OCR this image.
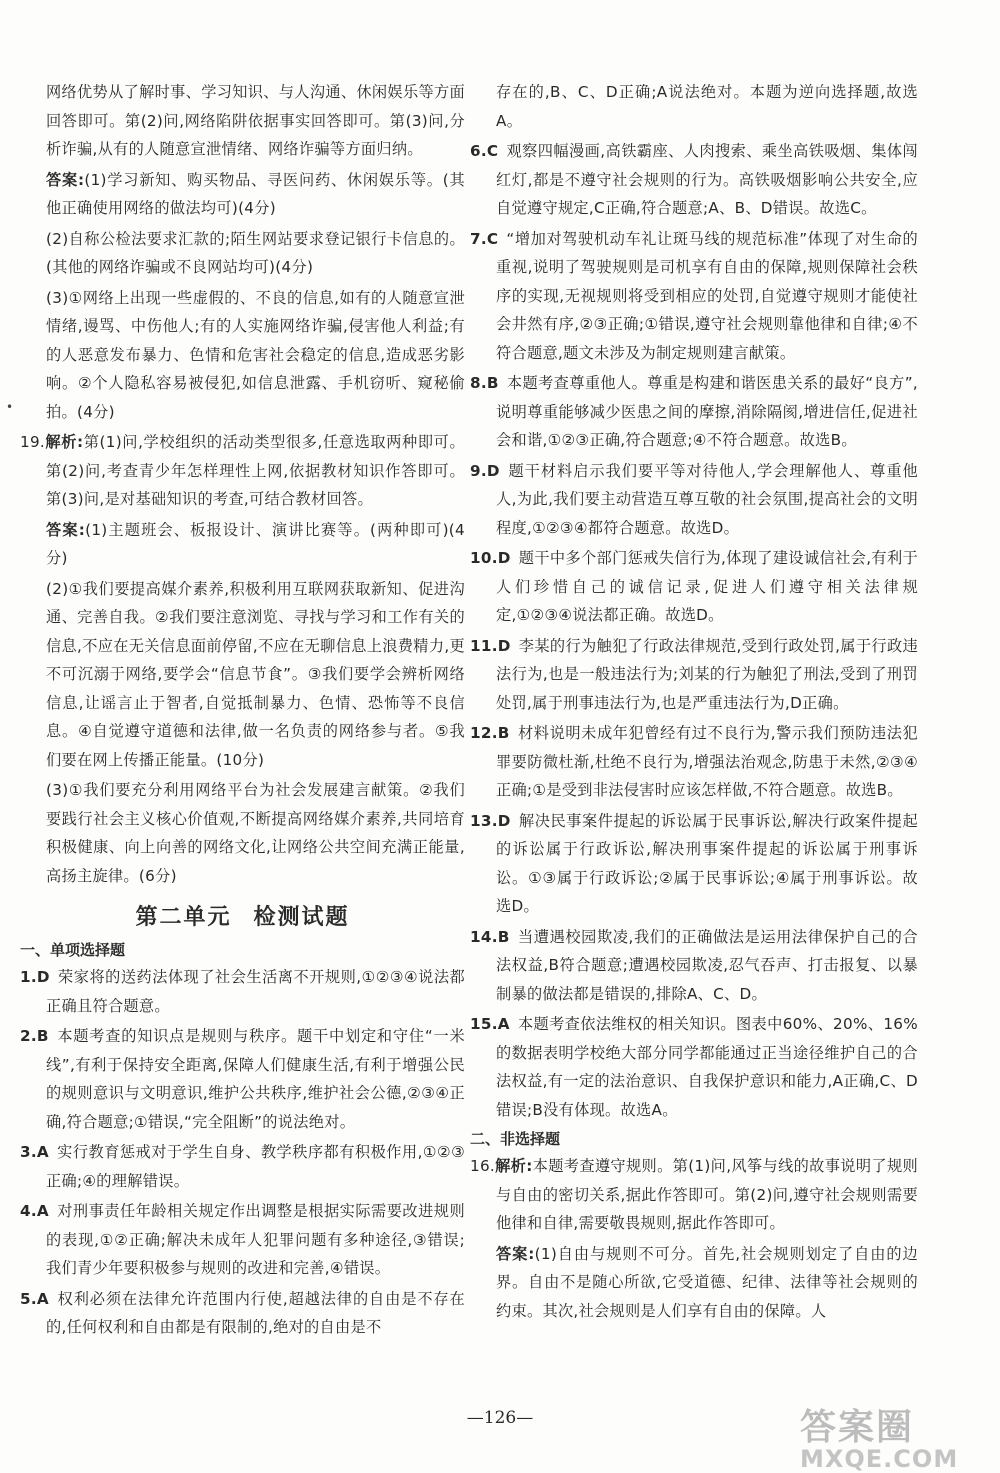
网络优势从了解时事、学习知识、与人沟通、休闲娱乐等方面回答即可。第(2)问,网络陷阱依据事实回答即可。第(3)问,分析诈骗,从有的人随意宣泄情绪、网络诈骗等方面归纳。

答案:(1)学习新知、购买物品、寻医问药、休闲娱乐等。(其他正确使用网络的做法均可)(4分)

(2)自称公检法要求汇款的;陌生网站要求登记银行卡信息的。(其他的网络诈骗或不良网站均可)(4分)

(3)①网络上出现一些虚假的、不良的信息,如有的人随意宣泄情绪,谩骂、中伤他人;有的人实施网络诈骗,侵害他人利益;有的人恶意发布暴力、色情和危害社会稳定的信息,造成恶劣影响。②个人隐私容易被侵犯,如信息泄露、手机窃听、窥秘偷拍。(4分)

19.解析:第(1)问,学校组织的活动类型很多,任意选取两种即可。第(2)问,考查青少年怎样理性上网,依据教材知识作答即可。第(3)问,是对基础知识的考查,可结合教材回答。

答案:(1)主题班会、板报设计、演讲比赛等。(两种即可)(4分)

(2)①我们要提高媒介素养,积极利用互联网获取新知、促进沟通、完善自我。②我们要注意浏览、寻找与学习和工作有关的信息,不应在无关信息面前停留,不应在无聊信息上浪费精力,更不可沉溺于网络,要学会“信息节食”。③我们要学会辨析网络信息,让谣言止于智者,自觉抵制暴力、色情、恐怖等不良信息。④自觉遵守道德和法律,做一名负责的网络参与者。⑤我们要在网上传播正能量。(10分)

(3)①我们要充分利用网络平台为社会发展建言献策。②我们要践行社会主义核心价值观,不断提高网络媒介素养,共同培育积极健康、向上向善的网络文化,让网络公共空间充满正能量,高扬主旋律。(6分)

第二单元 检测试题

一、单项选择题

1.D 荣家将的送药法体现了社会生活离不开规则,①②③④说法都正确且符合题意。

2.B 本题考查的知识点是规则与秩序。题干中划定和守住“一米线”,有利于保持安全距离,保障人们健康生活,有利于增强公民的规则意识与文明意识,维护公共秩序,维护社会公德,②③④正确,符合题意;①错误,“完全阻断”的说法绝对。

3.A 实行教育惩戒对于学生自身、教学秩序都有积极作用,①②③正确;④的理解错误。

4.A 对刑事责任年龄相关规定作出调整是根据实际需要改进规则的表现,①②正确;解决未成年人犯罪问题有多种途径,③错误;我们青少年要积极参与规则的改进和完善,④错误。

5.A 权利必须在法律允许范围内行使,超越法律的自由是不存在的,任何权利和自由都是有限制的,绝对的自由是不

存在的,B、C、D正确;A说法绝对。本题为逆向选择题,故选A。

6.C 观察四幅漫画,高铁霸座、人肉搜索、乘坐高铁吸烟、集体闯红灯,都是不遵守社会规则的行为。高铁吸烟影响公共安全,应自觉遵守规定,C正确,符合题意;A、B、D错误。故选C。

7.C “增加对驾驶机动车礼让斑马线的规范标准”体现了对生命的重视,说明了驾驶规则是司机享有自由的保障,规则保障社会秩序的实现,无视规则将受到相应的处罚,自觉遵守规则才能使社会井然有序,②③正确;①错误,遵守社会规则靠他律和自律;④不符合题意,题文未涉及为制定规则建言献策。

8.B 本题考查尊重他人。尊重是构建和谐医患关系的最好“良方”,说明尊重能够减少医患之间的摩擦,消除隔阂,增进信任,促进社会和谐,①②③正确,符合题意;④不符合题意。故选B。

9.D 题干材料启示我们要平等对待他人,学会理解他人、尊重他人,为此,我们要主动营造互尊互敬的社会氛围,提高社会的文明程度,①②③④都符合题意。故选D。

10.D 题干中多个部门惩戒失信行为,体现了建设诚信社会,有利于人们珍惜自己的诚信记录,促进人们遵守相关法律规定,①②③④说法都正确。故选D。

11.D 李某的行为触犯了行政法律规范,受到行政处罚,属于行政违法行为,也是一般违法行为;刘某的行为触犯了刑法,受到了刑罚处罚,属于刑事违法行为,也是严重违法行为,D正确。

12.B 材料说明未成年犯曾经有过不良行为,警示我们预防违法犯罪要防微杜渐,杜绝不良行为,增强法治观念,防患于未然,②③④正确;①是受到非法侵害时应该怎样做,不符合题意。故选B。

13.D 解决民事案件提起的诉讼属于民事诉讼,解决行政案件提起的诉讼属于行政诉讼,解决刑事案件提起的诉讼属于刑事诉讼。①③属于行政诉讼;②属于民事诉讼;④属于刑事诉讼。故选D。

14.B 当遭遇校园欺凌,我们的正确做法是运用法律保护自己的合法权益,B符合题意;遭遇校园欺凌,忍气吞声、打击报复、以暴制暴的做法都是错误的,排除A、C、D。

15.A 本题考查依法维权的相关知识。图表中60%、20%、16%的数据表明学校绝大部分同学都能通过正当途径维护自己的合法权益,有一定的法治意识、自我保护意识和能力,A正确,C、D错误;B没有体现。故选A。

二、非选择题

16.解析:本题考查遵守规则。第(1)问,风筝与线的故事说明了规则与自由的密切关系,据此作答即可。第(2)问,遵守社会规则需要他律和自律,需要敬畏规则,据此作答即可。

答案:(1)自由与规则不可分。首先,社会规则划定了自由的边界。自由不是随心所欲,它受道德、纪律、法律等社会规则的约束。其次,社会规则是人们享有自由的保障。人

—126—	答案圈
MXQE.COM
•
